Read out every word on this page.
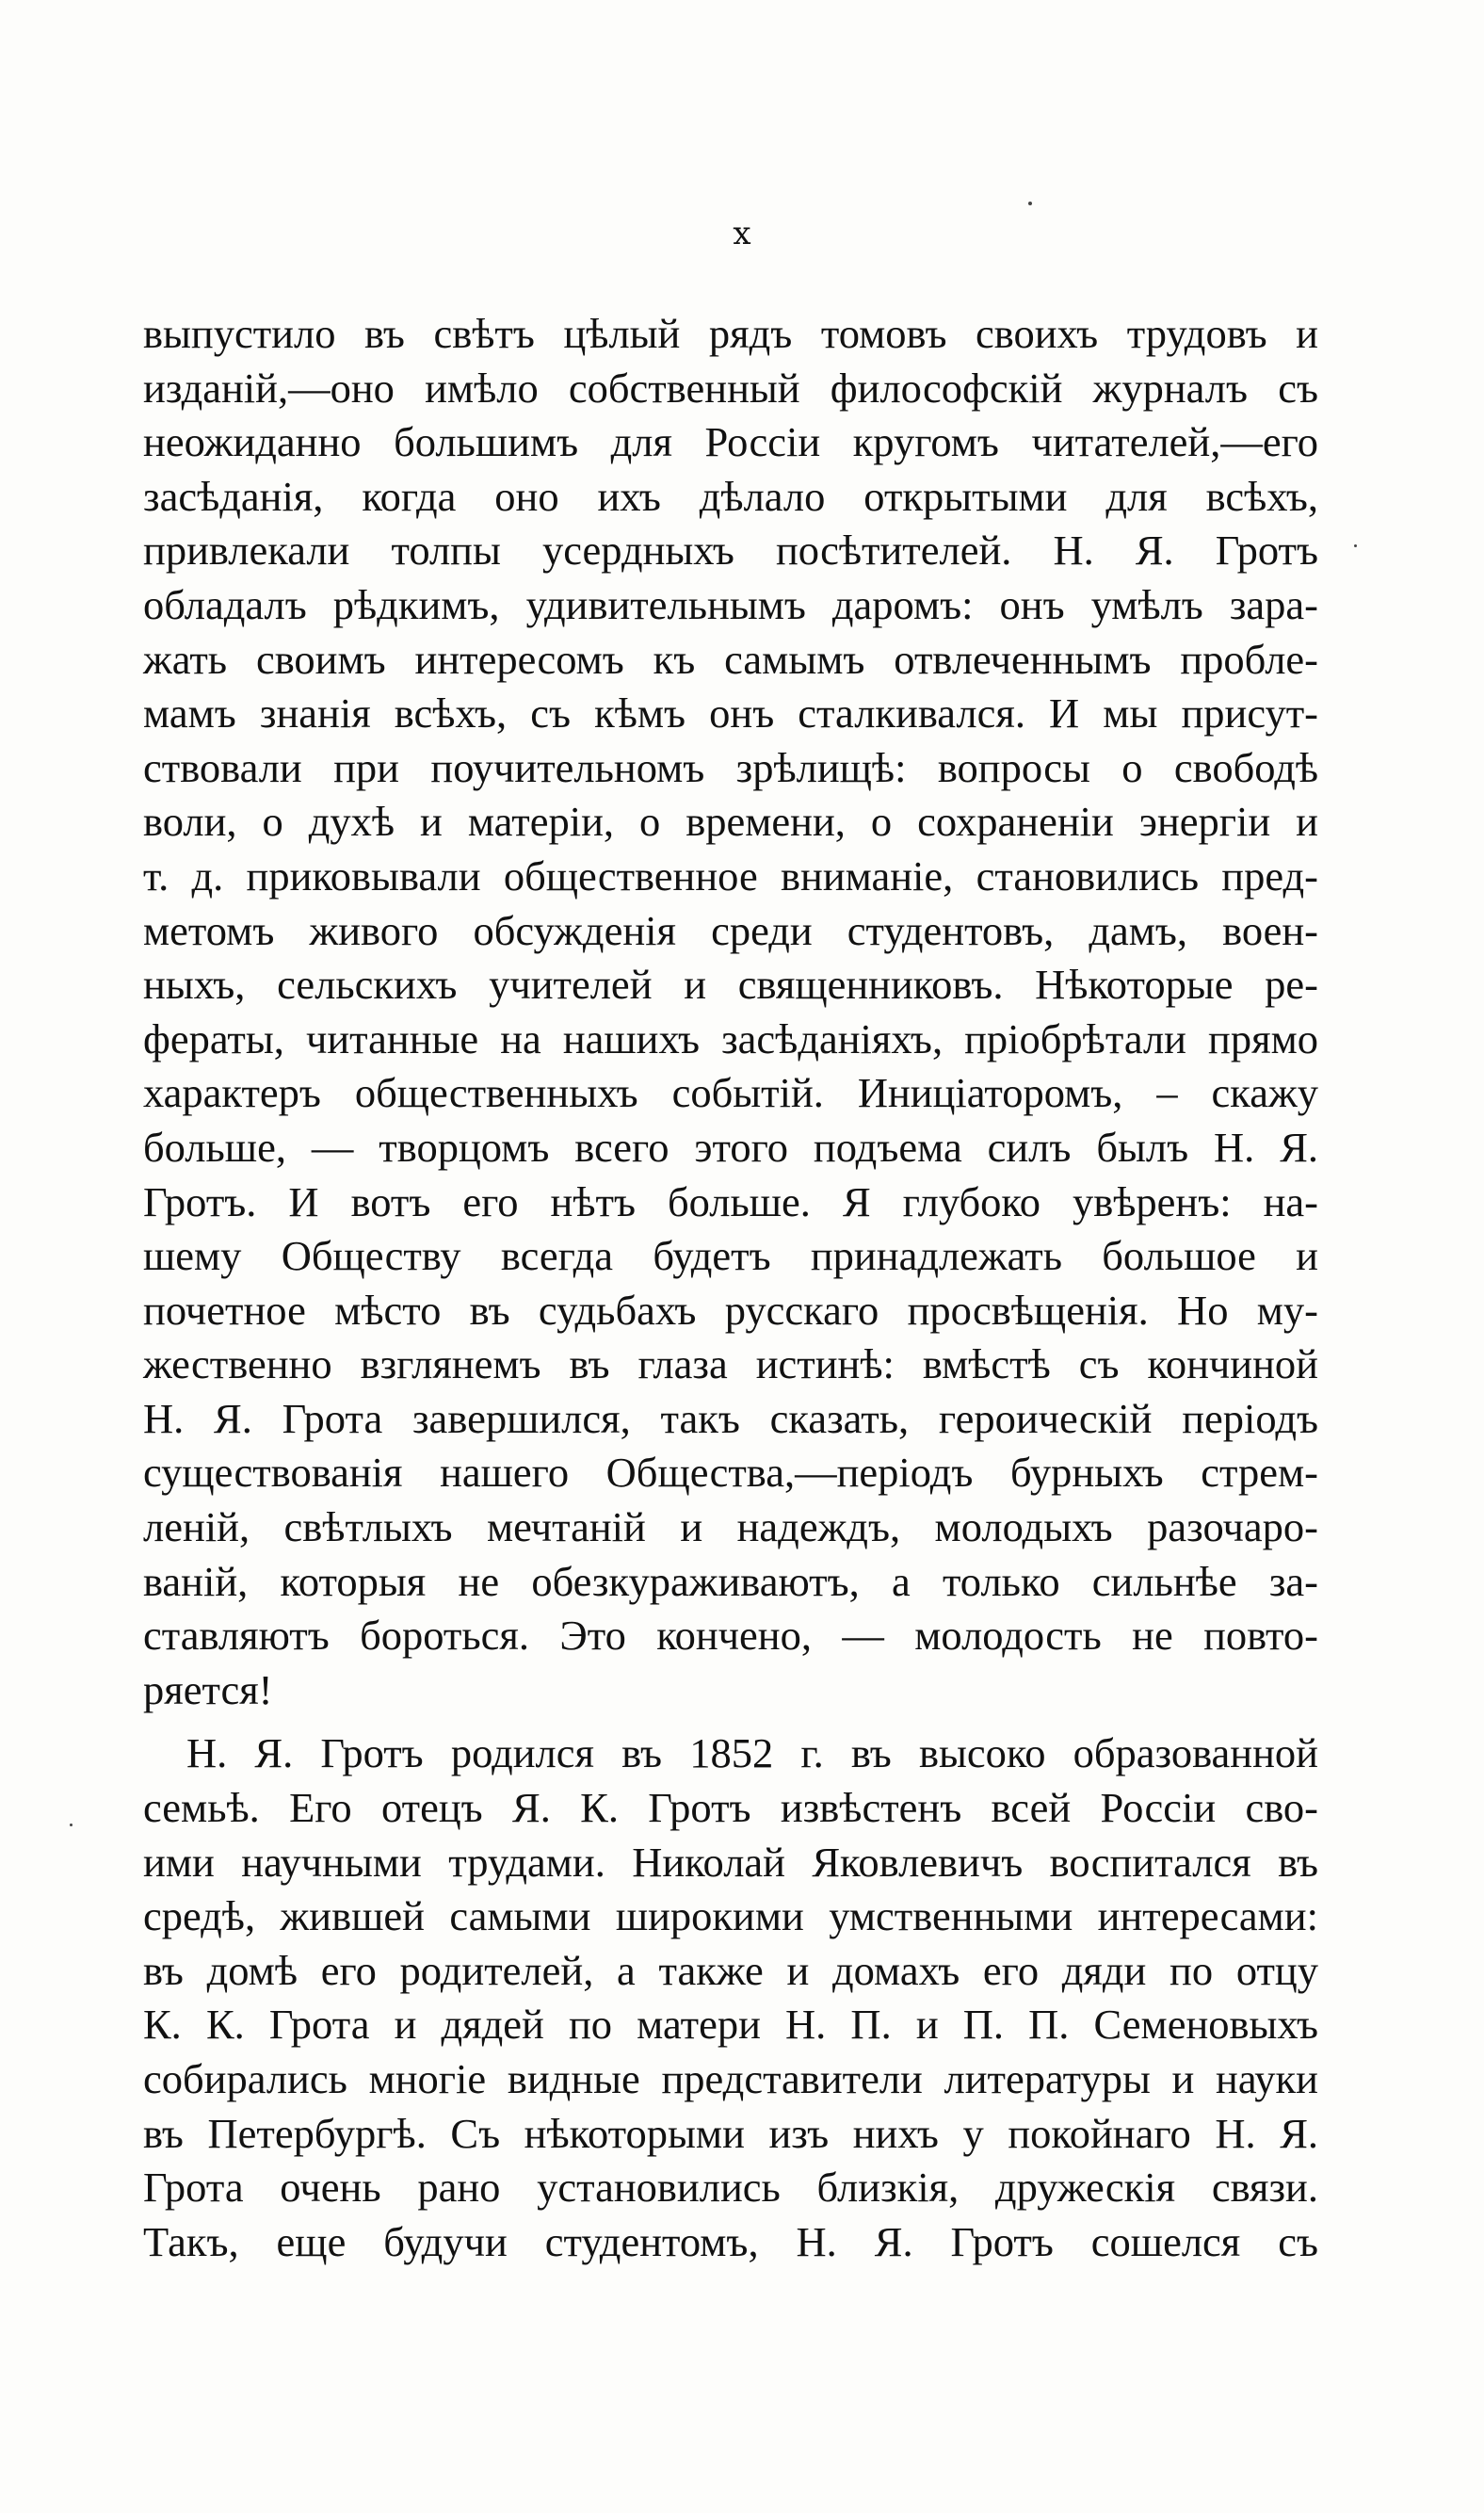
x
выпустило въ свѣтъ цѣлый рядъ томовъ своихъ трудовъ и
изданій,—оно имѣло собственный философскій журналъ съ
неожиданно большимъ для Россіи кругомъ читателей,—его
засѣданія, когда оно ихъ дѣлало открытыми для всѣхъ,
привлекали толпы усердныхъ посѣтителей. Н. Я. Гротъ
обладалъ рѣдкимъ, удивительнымъ даромъ: онъ умѣлъ зара-
жать своимъ интересомъ къ самымъ отвлеченнымъ пробле-
мамъ знанія всѣхъ, съ кѣмъ онъ сталкивался. И мы присут-
ствовали при поучительномъ зрѣлищѣ: вопросы о свободѣ
воли, о духѣ и матеріи, о времени, о сохраненіи энергіи и
т. д. приковывали общественное вниманіе, становились пред-
метомъ живого обсужденія среди студентовъ, дамъ, воен-
ныхъ, сельскихъ учителей и священниковъ. Нѣкоторые ре-
фераты, читанные на нашихъ засѣданіяхъ, пріобрѣтали прямо
характеръ общественныхъ событій. Иниціаторомъ, – скажу
больше, — творцомъ всего этого подъема силъ былъ Н. Я.
Гротъ. И вотъ его нѣтъ больше. Я глубоко увѣренъ: на-
шему Обществу всегда будетъ принадлежать большое и
почетное мѣсто въ судьбахъ русскаго просвѣщенія. Но му-
жественно взглянемъ въ глаза истинѣ: вмѣстѣ съ кончиной
Н. Я. Грота завершился, такъ сказать, героическій періодъ
существованія нашего Общества,—періодъ бурныхъ стрем-
леній, свѣтлыхъ мечтаній и надеждъ, молодыхъ разочаро-
ваній, которыя не обезкураживаютъ, а только сильнѣе за-
ставляютъ бороться. Это кончено, — молодость не повто-
ряется!
Н. Я. Гротъ родился въ 1852 г. въ высоко образованной
семьѣ. Его отецъ Я. К. Гротъ извѣстенъ всей Россіи сво-
ими научными трудами. Николай Яковлевичъ воспитался въ
средѣ, жившей самыми широкими умственными интересами:
въ домѣ его родителей, а также и домахъ его дяди по отцу
К. К. Грота и дядей по матери Н. П. и П. П. Семеновыхъ
собирались многіе видные представители литературы и науки
въ Петербургѣ. Съ нѣкоторыми изъ нихъ у покойнаго Н. Я.
Грота очень рано установились близкія, дружескія связи.
Такъ, еще будучи студентомъ, Н. Я. Гротъ сошелся съ
